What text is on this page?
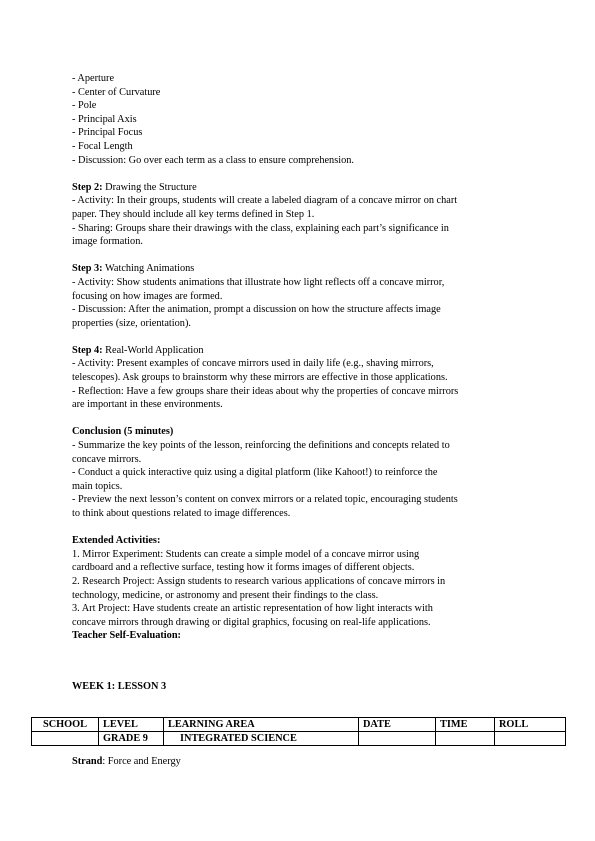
- Aperture
- Center of Curvature
- Pole
- Principal Axis
- Principal Focus
- Focal Length
- Discussion: Go over each term as a class to ensure comprehension.
Step 2: Drawing the Structure
- Activity: In their groups, students will create a labeled diagram of a concave mirror on chart
paper. They should include all key terms defined in Step 1.
- Sharing: Groups share their drawings with the class, explaining each part’s significance in
image formation.
Step 3: Watching Animations
- Activity: Show students animations that illustrate how light reflects off a concave mirror,
focusing on how images are formed.
- Discussion: After the animation, prompt a discussion on how the structure affects image
properties (size, orientation).
Step 4: Real-World Application
- Activity: Present examples of concave mirrors used in daily life (e.g., shaving mirrors,
telescopes). Ask groups to brainstorm why these mirrors are effective in those applications.
- Reflection: Have a few groups share their ideas about why the properties of concave mirrors
are important in these environments.
Conclusion (5 minutes)
- Summarize the key points of the lesson, reinforcing the definitions and concepts related to
concave mirrors.
- Conduct a quick interactive quiz using a digital platform (like Kahoot!) to reinforce the
main topics.
- Preview the next lesson’s content on convex mirrors or a related topic, encouraging students
to think about questions related to image differences.
Extended Activities:
1. Mirror Experiment: Students can create a simple model of a concave mirror using
cardboard and a reflective surface, testing how it forms images of different objects.
2. Research Project: Assign students to research various applications of concave mirrors in
technology, medicine, or astronomy and present their findings to the class.
3. Art Project: Have students create an artistic representation of how light interacts with
concave mirrors through drawing or digital graphics, focusing on real-life applications.
Teacher Self-Evaluation:
WEEK 1: LESSON 3
SCHOOL	LEVEL	LEARNING AREA	DATE	TIME	ROLL
	GRADE 9	INTEGRATED SCIENCE			
Strand: Force and Energy
